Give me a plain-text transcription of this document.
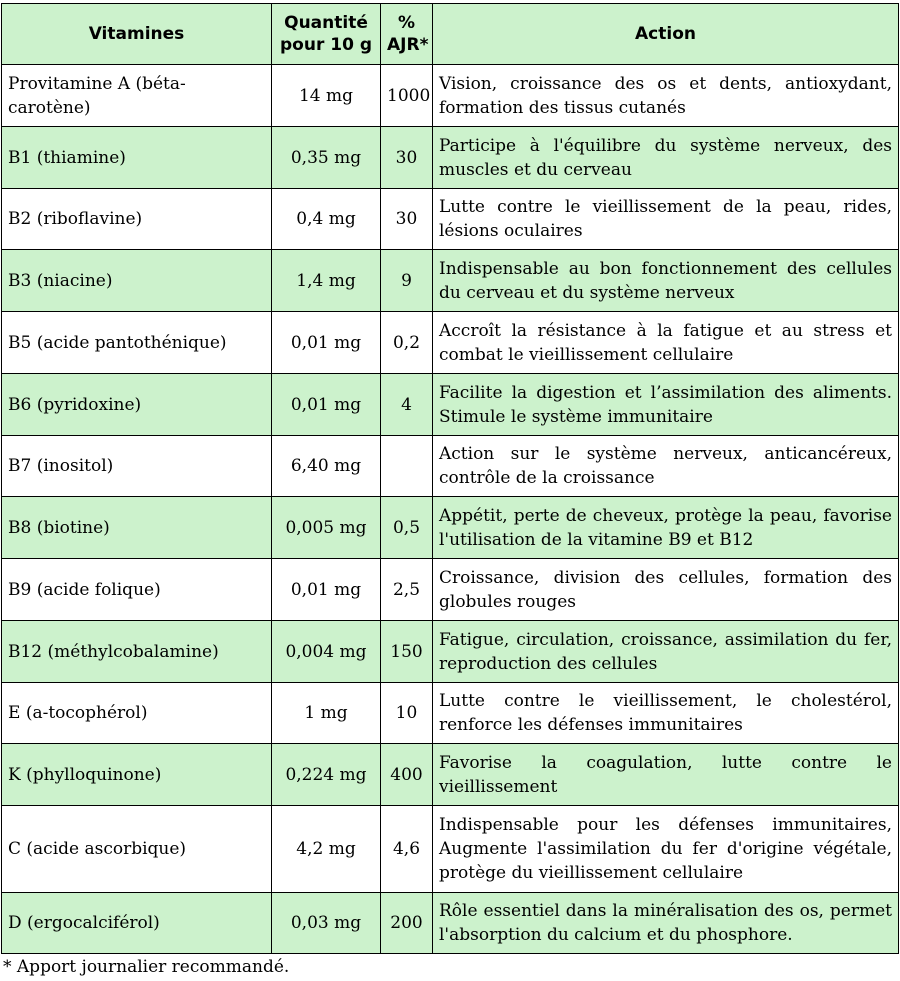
Vitamines	Quantité pour 10 g	% AJR*	Action
Provitamine A (béta-carotène)	14 mg	1000	Vision, croissance des os et dents, antioxydant, formation des tissus cutanés
B1 (thiamine)	0,35 mg	30	Participe à l'équilibre du système nerveux, des muscles et du cerveau
B2 (riboflavine)	0,4 mg	30	Lutte contre le vieillissement de la peau, rides, lésions oculaires
B3 (niacine)	1,4 mg	9	Indispensable au bon fonctionnement des cellules du cerveau et du système nerveux
B5 (acide pantothénique)	0,01 mg	0,2	Accroît la résistance à la fatigue et au stress et combat le vieillissement cellulaire
B6 (pyridoxine)	0,01 mg	4	Facilite la digestion et l’assimilation des aliments. Stimule le système immunitaire
B7 (inositol)	6,40 mg		Action sur le système nerveux, anticancéreux, contrôle de la croissance
B8 (biotine)	0,005 mg	0,5	Appétit, perte de cheveux, protège la peau, favorise l'utilisation de la vitamine B9 et B12
B9 (acide folique)	0,01 mg	2,5	Croissance, division des cellules, formation des globules rouges
B12 (méthylcobalamine)	0,004 mg	150	Fatigue, circulation, croissance, assimilation du fer, reproduction des cellules
E (a-tocophérol)	1 mg	10	Lutte contre le vieillissement, le cholestérol, renforce les défenses immunitaires
K (phylloquinone)	0,224 mg	400	Favorise la coagulation, lutte contre le vieillissement
C (acide ascorbique)	4,2 mg	4,6	Indispensable pour les défenses immunitaires, Augmente l'assimilation du fer d'origine végétale, protège du vieillissement cellulaire
D (ergocalciférol)	0,03 mg	200	Rôle essentiel dans la minéralisation des os, permet l'absorption du calcium et du phosphore.
* Apport journalier recommandé.
